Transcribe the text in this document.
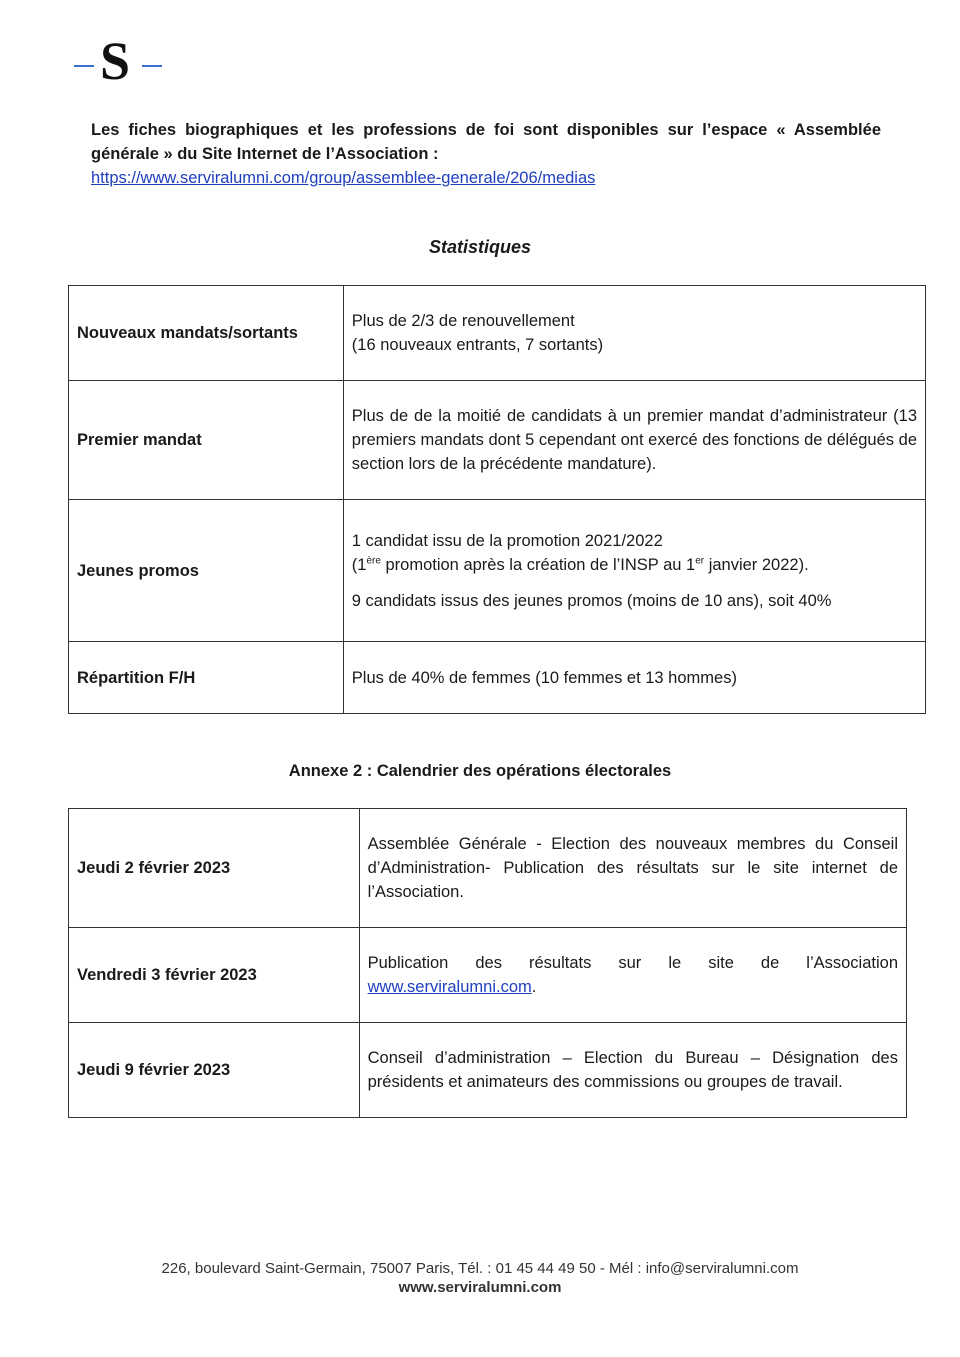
S
Les fiches biographiques et les professions de foi sont disponibles sur l’espace « Assemblée générale » du Site Internet de l’Association :
https://www.serviralumni.com/group/assemblee-generale/206/medias
Statistiques
Nouveaux mandats/sortants	Plus de 2/3 de renouvellement
(16 nouveaux entrants, 7 sortants)
Premier mandat	Plus de de la moitié de candidats à un premier mandat d’administrateur (13 premiers mandats dont 5 cependant ont exercé des fonctions de délégués de section lors de la précédente mandature).
Jeunes promos	1 candidat issu de la promotion 2021/2022

(1ère promotion après la création de l’INSP au 1er janvier 2022).

9 candidats issus des jeunes promos (moins de 10 ans), soit 40%

Répartition F/H	Plus de 40% de femmes (10 femmes et 13 hommes)
Annexe 2 : Calendrier des opérations électorales
Jeudi 2 février 2023	Assemblée Générale - Election des nouveaux membres du Conseil d’Administration- Publication des résultats sur le site internet de l’Association.
Vendredi 3 février 2023	Publication des résultats sur le site de l’Association
www.serviralumni.com.
Jeudi 9 février 2023	Conseil d’administration – Election du Bureau – Désignation des présidents et animateurs des commissions ou groupes de travail.
226, boulevard Saint-Germain, 75007 Paris, Tél. : 01 45 44 49 50 - Mél : info@serviralumni.com
www.serviralumni.com
